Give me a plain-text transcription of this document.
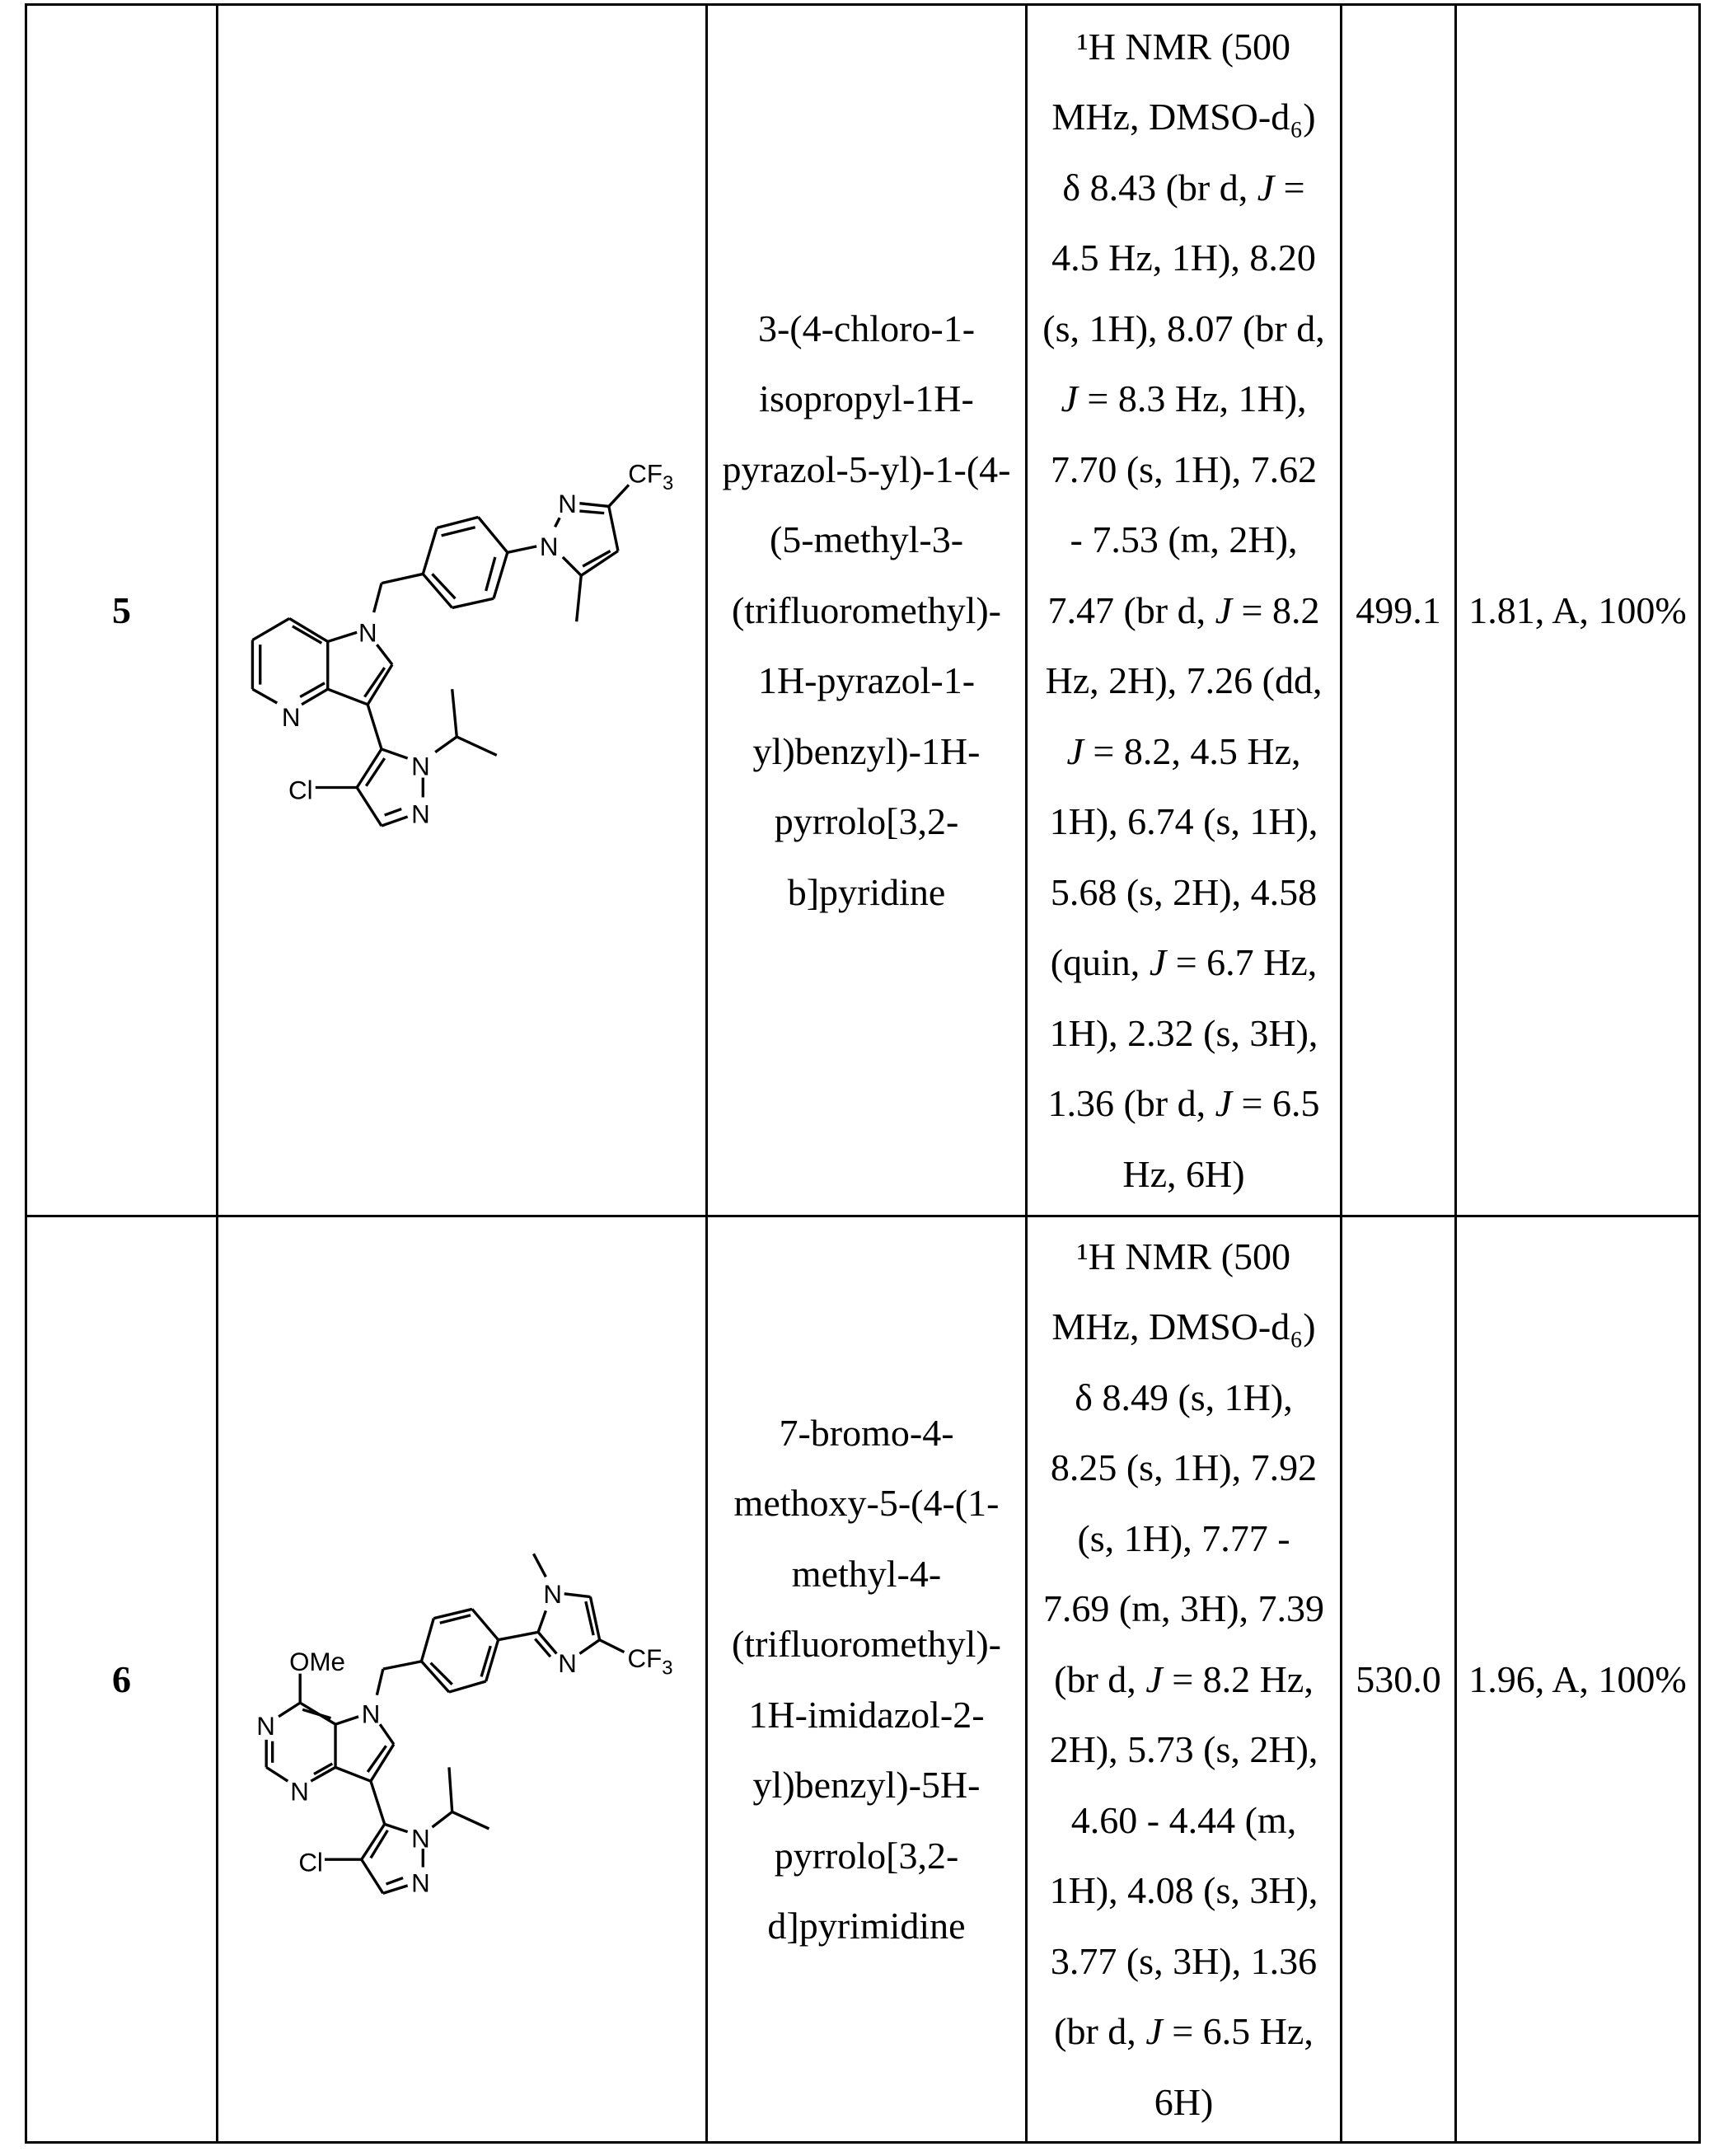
5	
N
N
N
N
CF3
N
N
Cl

3-(4-chloro-1-
isopropyl-1H-
pyrazol-5-yl)-1-(4-
(5-methyl-3-
(trifluoromethyl)-
1H-pyrazol-1-
yl)benzyl)-1H-
pyrrolo[3,2-
b]pyridine

¹H NMR (500
MHz, DMSO-d₆)
δ 8.43 (br d, J =
4.5 Hz, 1H), 8.20
(s, 1H), 8.07 (br d,
J = 8.3 Hz, 1H),
7.70 (s, 1H), 7.62
- 7.53 (m, 2H),
7.47 (br d, J = 8.2
Hz, 2H), 7.26 (dd,
J = 8.2, 4.5 Hz,
1H), 6.74 (s, 1H),
5.68 (s, 2H), 4.58
(quin, J = 6.7 Hz,
1H), 2.32 (s, 3H),
1.36 (br d, J = 6.5
Hz, 6H)
	499.1	1.81, A, 100%
6	OMe
N
N
N
N
N CF3
N
N
Cl

7-bromo-4-
methoxy-5-(4-(1-
methyl-4-
(trifluoromethyl)-
1H-imidazol-2-
yl)benzyl)-5H-
pyrrolo[3,2-
d]pyrimidine

¹H NMR (500
MHz, DMSO-d₆)
δ 8.49 (s, 1H),
8.25 (s, 1H), 7.92
(s, 1H), 7.77 -
7.69 (m, 3H), 7.39
(br d, J = 8.2 Hz,
2H), 5.73 (s, 2H),
4.60 - 4.44 (m,
1H), 4.08 (s, 3H),
3.77 (s, 3H), 1.36
(br d, J = 6.5 Hz,
6H)
	530.0	1.96, A, 100%
